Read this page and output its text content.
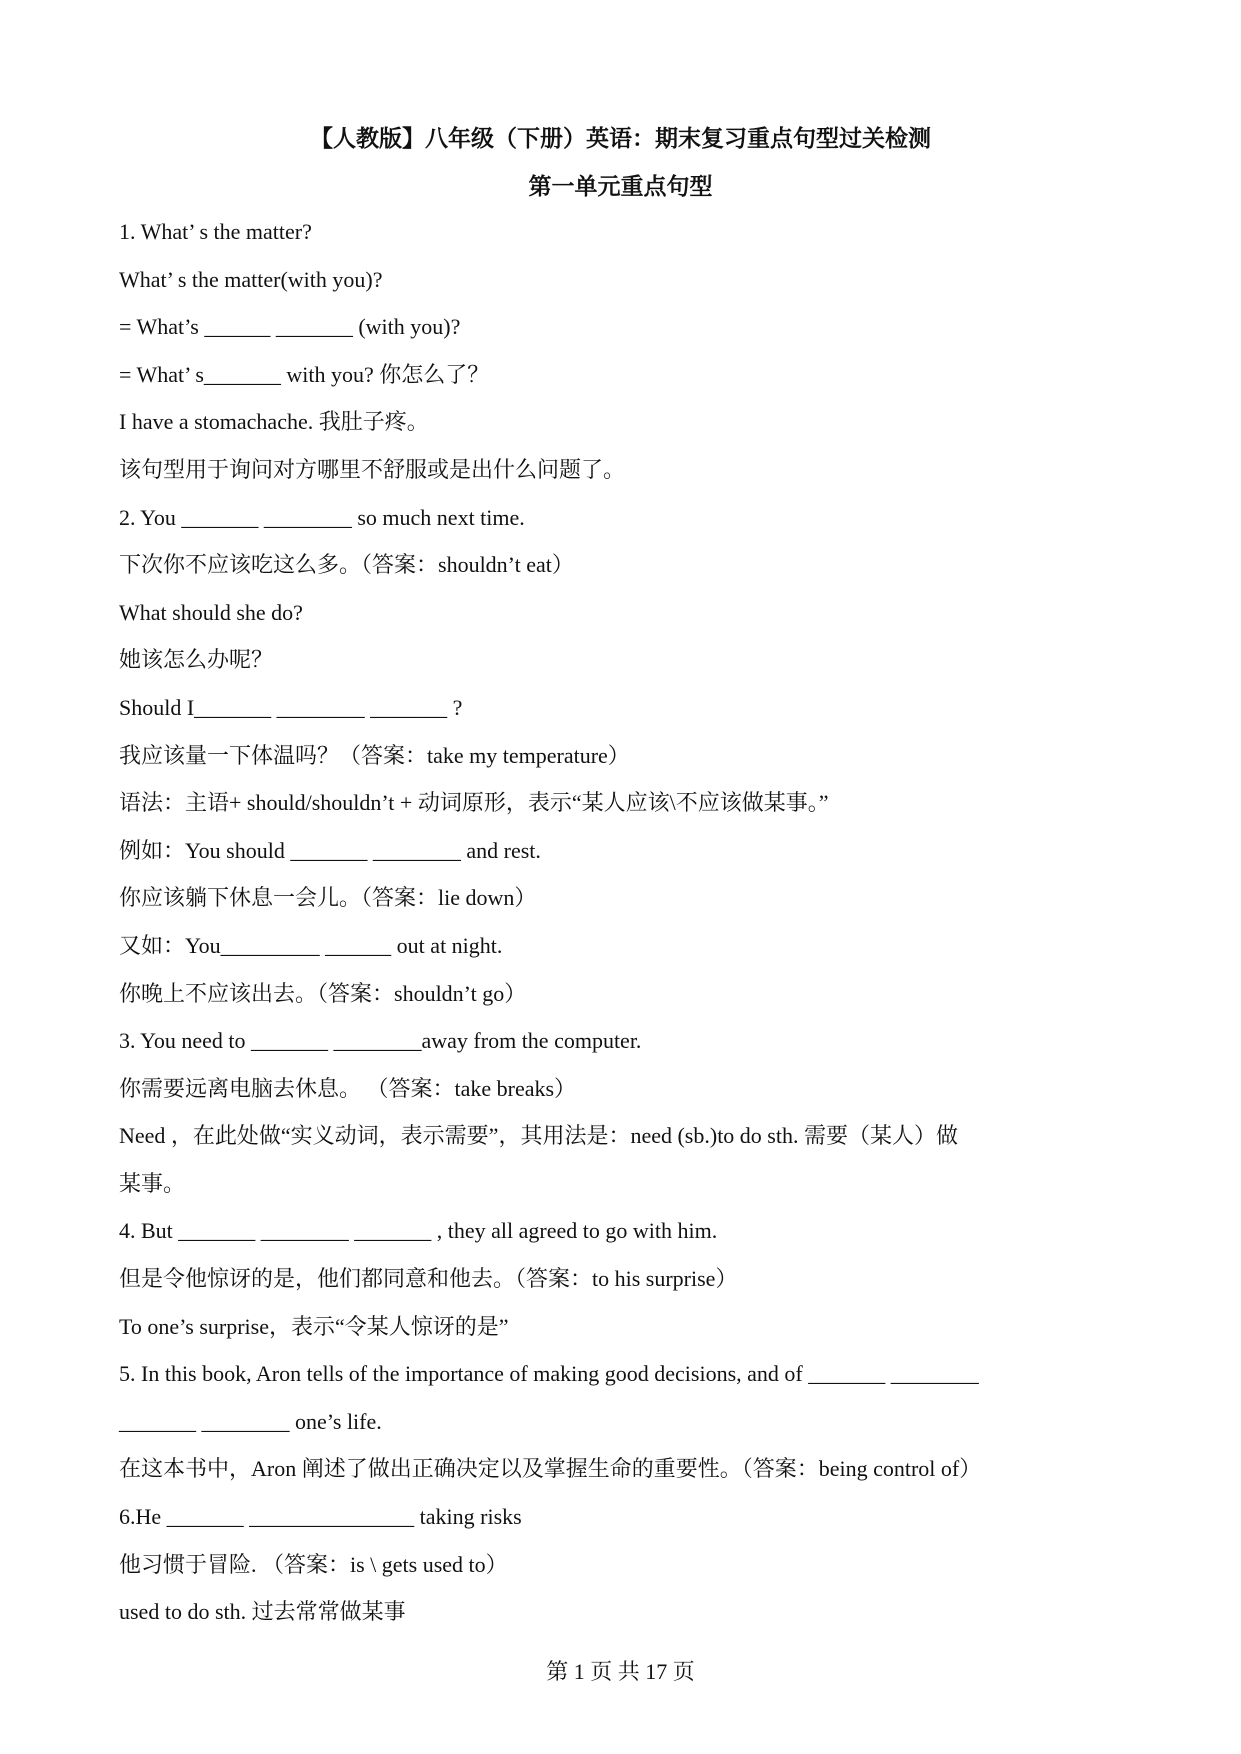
【人教版】八年级（下册）英语：期末复习重点句型过关检测
第一单元重点句型
1. What’ s the matter?
What’ s the matter(with you)?
= What’s ______ _______ (with you)?
= What’ s_______ with you? 你怎么了？
I have a stomachache. 我肚子疼。
该句型用于询问对方哪里不舒服或是出什么问题了。
2. You _______ ________ so much next time.
下次你不应该吃这么多。（答案：shouldn’t eat）
What should she do?
她该怎么办呢？
Should I_______ ________ _______ ?
我应该量一下体温吗？（答案：take my temperature）
语法：主语+ should/shouldn’t + 动词原形，表示“某人应该\不应该做某事。”
例如：You should _______ ________ and rest.
你应该躺下休息一会儿。（答案：lie down）
又如：You_________ ______ out at night.
你晚上不应该出去。（答案：shouldn’t go）
3. You need to _______ ________away from the computer.
你需要远离电脑去休息。 （答案：take breaks）
Need ，在此处做“实义动词，表示需要”，其用法是：need (sb.)to do sth. 需要（某人）做
某事。
4. But _______ ________ _______ , they all agreed to go with him.
但是令他惊讶的是，他们都同意和他去。（答案：to his surprise）
To one’s surprise，表示“令某人惊讶的是”
5. In this book, Aron tells of the importance of making good decisions, and of _______ ________
_______ ________ one’s life.
在这本书中，Aron 阐述了做出正确决定以及掌握生命的重要性。（答案：being control of）
6.He _______ _______________ taking risks
他习惯于冒险. （答案：is \ gets used to）
used to do sth. 过去常常做某事
第 1 页 共 17 页
